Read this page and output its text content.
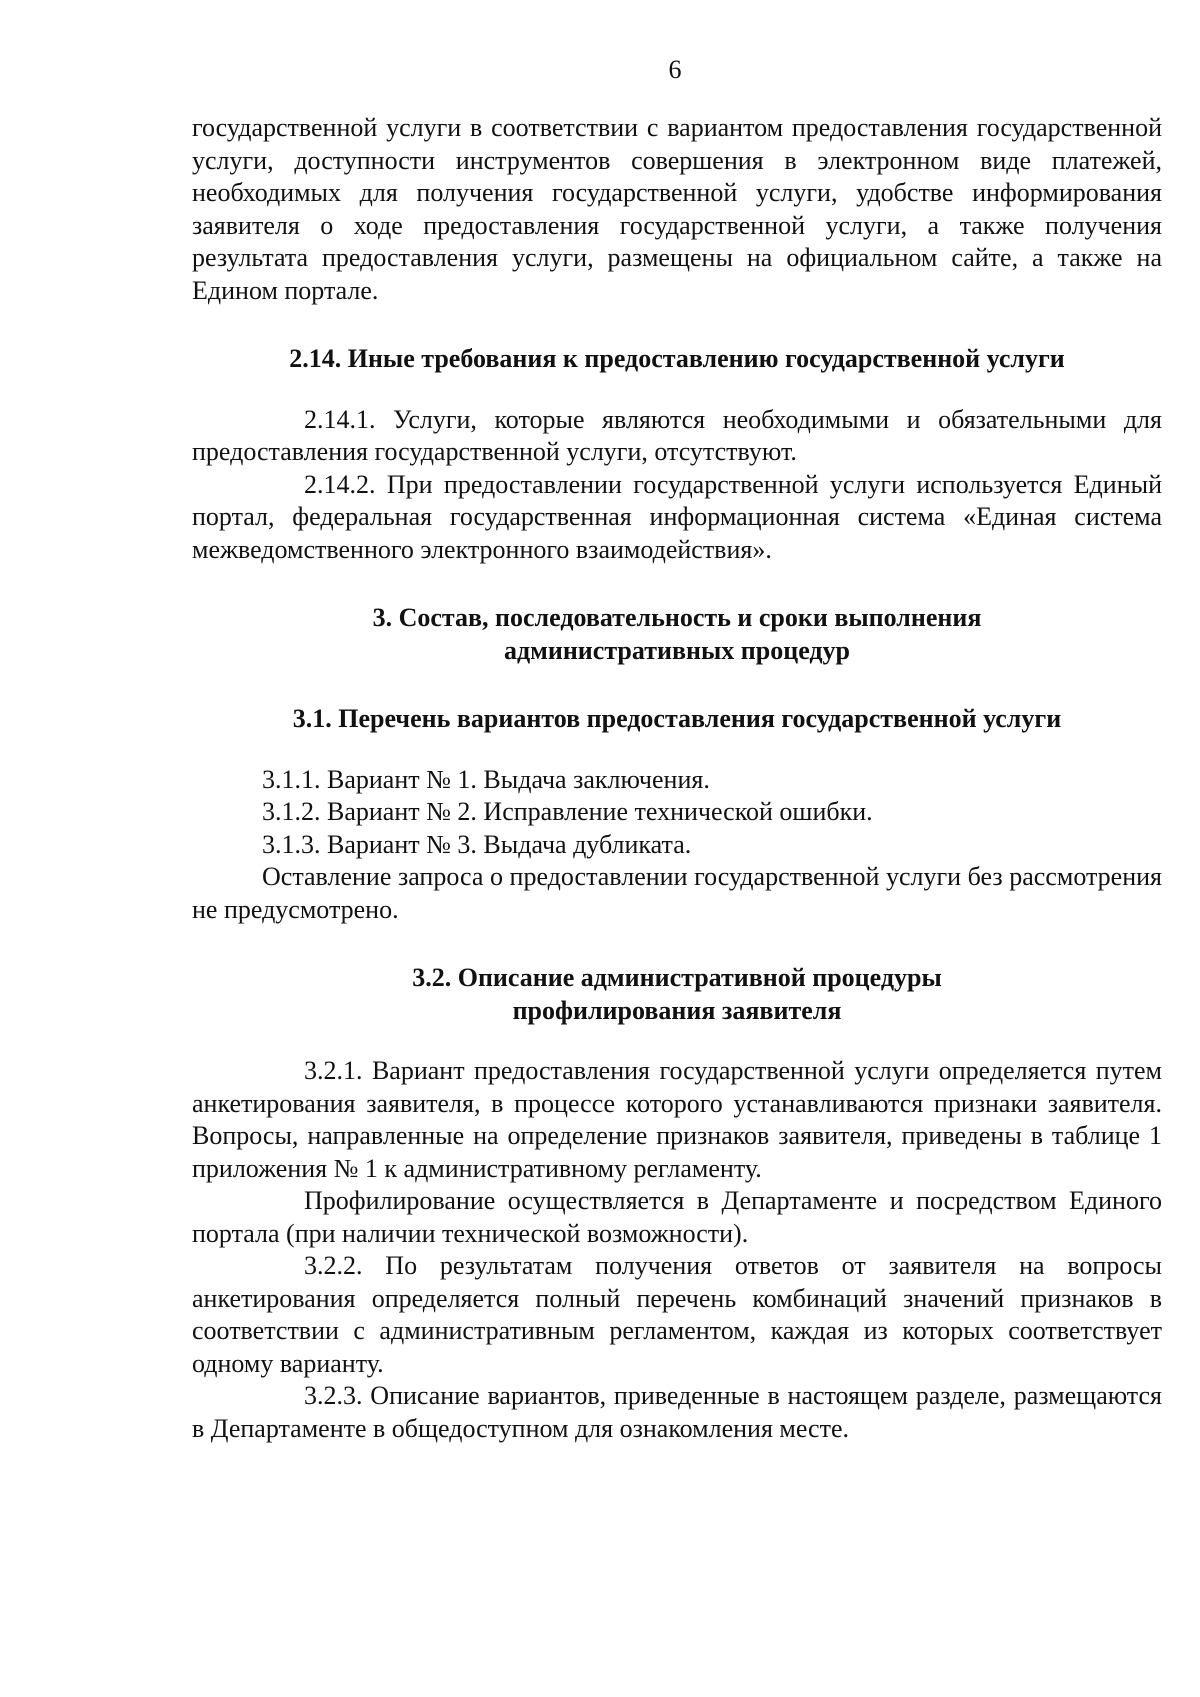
6

государственной услуги в соответствии с вариантом предоставления государственной услуги, доступности инструментов совершения в электронном виде платежей, необходимых для получения государственной услуги, удобстве информирования заявителя о ходе предоставления государственной услуги, а также получения результата предоставления услуги, размещены на официальном сайте, а также на Едином портале.

2.14. Иные требования к предоставлению государственной услуги

2.14.1. Услуги, которые являются необходимыми и обязательными для предоставления государственной услуги, отсутствуют.

2.14.2. При предоставлении государственной услуги используется Единый портал, федеральная государственная информационная система «Единая система межведомственного электронного взаимодействия».

3. Состав, последовательность и сроки выполнения
административных процедур
3.1. Перечень вариантов предоставления государственной услуги

3.1.1. Вариант № 1. Выдача заключения.

3.1.2. Вариант № 2. Исправление технической ошибки.

3.1.3. Вариант № 3. Выдача дубликата.

Оставление запроса о предоставлении государственной услуги без рассмотрения не предусмотрено.

3.2. Описание административной процедуры
профилирования заявителя

3.2.1. Вариант предоставления государственной услуги определяется путем анкетирования заявителя, в процессе которого устанавливаются признаки заявителя. Вопросы, направленные на определение признаков заявителя, приведены в таблице 1 приложения № 1 к административному регламенту.

Профилирование осуществляется в Департаменте и посредством Единого портала (при наличии технической возможности).

3.2.2. По результатам получения ответов от заявителя на вопросы анкетирования определяется полный перечень комбинаций значений признаков в соответствии с административным регламентом, каждая из которых соответствует одному варианту.

3.2.3. Описание вариантов, приведенные в настоящем разделе, размещаются в Департаменте в общедоступном для ознакомления месте.
